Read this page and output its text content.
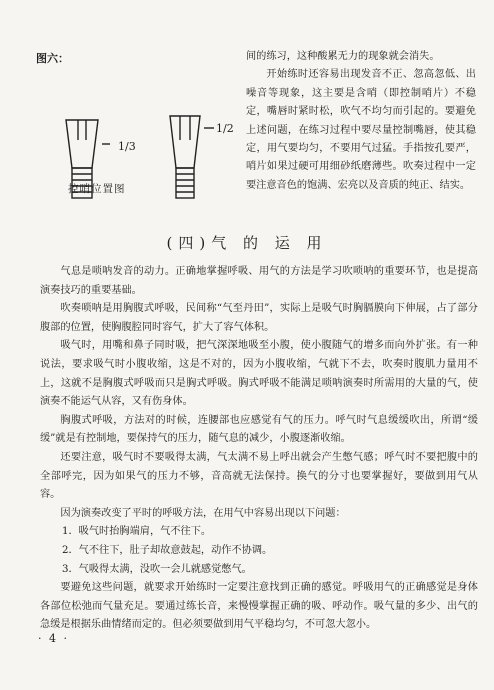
图六：
1/3
1/2
控哨位置图

间的练习，这种酸累无力的现象就会消失。

开始练时还容易出现发音不正、忽高忽低、出噪音等现象，这主要是含哨（即控制哨片）不稳定，嘴唇时紧时松，吹气不均匀而引起的。要避免上述问题，在练习过程中要尽量控制嘴唇，使其稳定，用气要均匀，不要用气过猛。手指按孔要严，哨片如果过硬可用细砂纸磨薄些。吹奏过程中一定要注意音色的饱满、宏亮以及音质的纯正、结实。

(四)气 的 运 用

气息是唢呐发音的动力。正确地掌握呼吸、用气的方法是学习吹唢呐的重要环节，也是提高演奏技巧的重要基础。

吹奏唢呐是用胸腹式呼吸，民间称“气至丹田”，实际上是吸气时胸膈膜向下伸展，占了部分腹部的位置，使胸腹腔同时容气，扩大了容气体积。

吸气时，用嘴和鼻子同时吸，把气深深地吸至小腹，使小腹随气的增多而向外扩张。有一种说法，要求吸气时小腹收缩，这是不对的，因为小腹收缩，气就下不去，吹奏时腹肌力量用不上，这就不是胸腹式呼吸而只是胸式呼吸。胸式呼吸不能满足唢呐演奏时所需用的大量的气，使演奏不能运气从容，又有伤身体。

胸腹式呼吸，方法对的时候，连腰部也应感觉有气的压力。呼气时气息缓缓吹出，所谓“缓缓”就是有控制地，要保持气的压力，随气息的减少，小腹逐渐收缩。

还要注意，吸气时不要吸得太满，气太满不易上呼出就会产生憋气感；呼气时不要把腹中的全部呼完，因为如果气的压力不够，音高就无法保持。换气的分寸也要掌握好，要做到用气从容。

因为演奏改变了平时的呼吸方法，在用气中容易出现以下问题：

1．吸气时抬胸端肩，气不往下。

2．气不往下，肚子却故意鼓起，动作不协调。

3．气吸得太满，没吹一会儿就感觉憋气。

要避免这些问题，就要求开始练时一定要注意找到正确的感觉。呼吸用气的正确感觉是身体各部位松弛而气量充足。要通过练长音，来慢慢掌握正确的吸、呼动作。吸气量的多少、出气的急缓是根据乐曲情绪而定的。但必须要做到用气平稳均匀，不可忽大忽小。

· 4 ·
